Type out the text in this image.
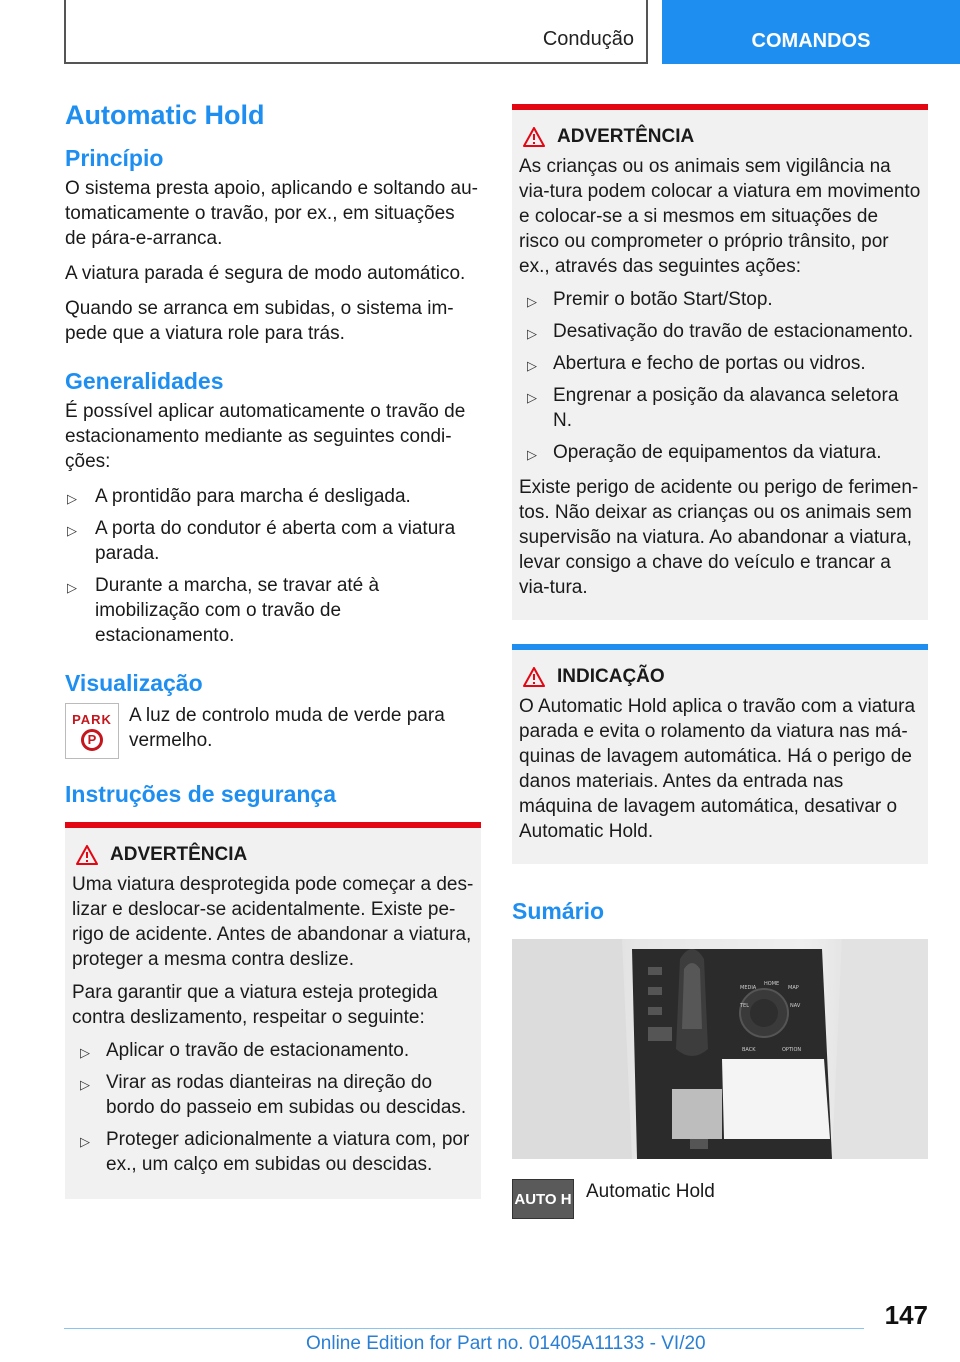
Condução	COMANDOS
Automatic Hold
Princípio

O sistema presta apoio, aplicando e soltando au-tomaticamente o travão, por ex., em situações de pára-e-arranca.

A viatura parada é segura de modo automático.

Quando se arranca em subidas, o sistema im-pede que a viatura role para trás.

Generalidades

É possível aplicar automaticamente o travão de estacionamento mediante as seguintes condi-ções:

▷ A prontidão para marcha é desligada.
▷ A porta do condutor é aberta com a viatura parada.
▷ Durante a marcha, se travar até à imobilização com o travão de estacionamento.
Visualização
PARK
P

A luz de controlo muda de verde para vermelho.

Instruções de segurança
ADVERTÊNCIA

Uma viatura desprotegida pode começar a des-lizar e deslocar-se acidentalmente. Existe pe-rigo de acidente. Antes de abandonar a viatura, proteger a mesma contra deslize.

Para garantir que a viatura esteja protegida contra deslizamento, respeitar o seguinte:

▷ Aplicar o travão de estacionamento.
▷ Virar as rodas dianteiras na direção do bordo do passeio em subidas ou descidas.
▷ Proteger adicionalmente a viatura com, por ex., um calço em subidas ou descidas.
ADVERTÊNCIA

As crianças ou os animais sem vigilância na via-tura podem colocar a viatura em movimento e colocar-se a si mesmos em situações de risco ou comprometer o próprio trânsito, por ex., através das seguintes ações:

▷ Premir o botão Start/Stop.
▷ Desativação do travão de estacionamento.
▷ Abertura e fecho de portas ou vidros.
▷ Engrenar a posição da alavanca seletora N.
▷ Operação de equipamentos da viatura.

Existe perigo de acidente ou perigo de ferimen-tos. Não deixar as crianças ou os animais sem supervisão na viatura. Ao abandonar a viatura, levar consigo a chave do veículo e trancar a via-tura.

INDICAÇÃO

O Automatic Hold aplica o travão com a viatura parada e evita o rolamento da viatura nas má-quinas de lavagem automática. Há o perigo de danos materiais. Antes da entrada nas máquina de lavagem automática, desativar o Automatic Hold.

Sumário
MEDIA
HOME
MAP
TEL	NAV
BACK	OPTION
AUTO H Automatic Hold

147
Online Edition for Part no. 01405A11133 - VI/20
